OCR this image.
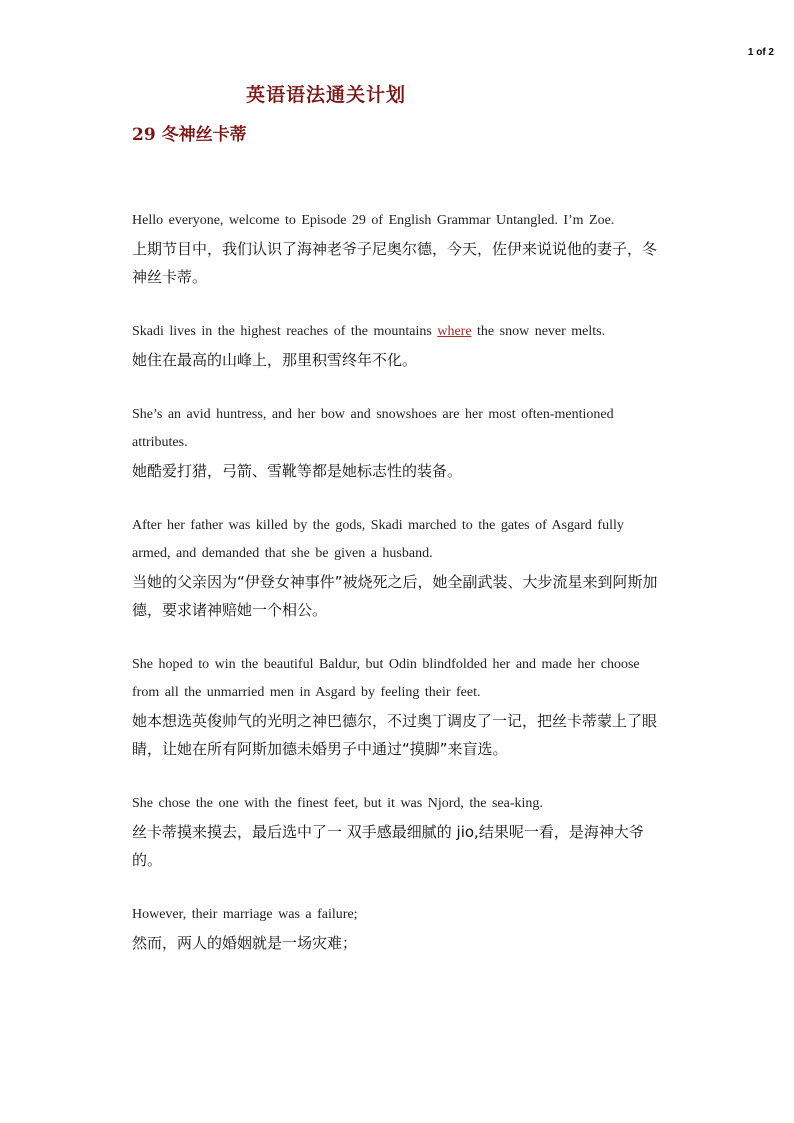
1 of 2
英语语法通关计划
29 冬神丝卡蒂
Hello everyone, welcome to Episode 29 of English Grammar Untangled. I’m Zoe.
上期节目中，我们认识了海神老爷子尼奥尔德，今天，佐伊来说说他的妻子，冬神丝卡蒂。
Skadi lives in the highest reaches of the mountains where the snow never melts.
她住在最高的山峰上，那里积雪终年不化。
She’s an avid huntress, and her bow and snowshoes are her most often-mentioned attributes.
她酷爱打猎，弓箭、雪靴等都是她标志性的装备。
After her father was killed by the gods, Skadi marched to the gates of Asgard fully armed, and demanded that she be given a husband.
当她的父亲因为“伊登女神事件”被烧死之后，她全副武装、大步流星来到阿斯加德，要求诸神赔她一个相公。
She hoped to win the beautiful Baldur, but Odin blindfolded her and made her choose from all the unmarried men in Asgard by feeling their feet.
她本想选英俊帅气的光明之神巴德尔，不过奥丁调皮了一记，把丝卡蒂蒙上了眼睛，让她在所有阿斯加德未婚男子中通过“摸脚”来盲选。
She chose the one with the finest feet, but it was Njord, the sea-king.
丝卡蒂摸来摸去，最后选中了一 双手感最细腻的 jio,结果呢一看，是海神大爷的。
However, their marriage was a failure;
然而，两人的婚姻就是一场灾难；
